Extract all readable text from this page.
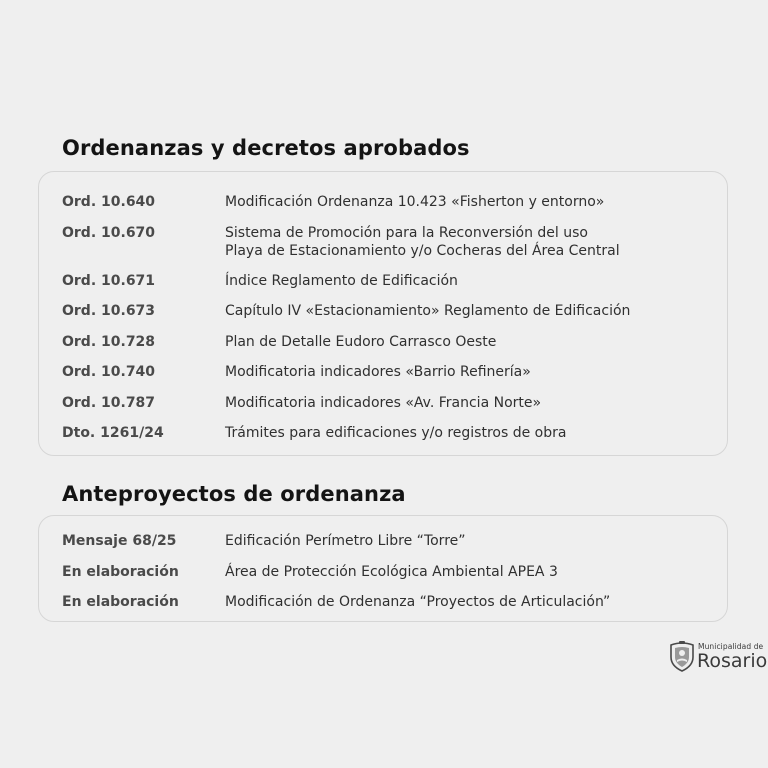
Ordenanzas y decretos aprobados
Ord. 10.640	Modificación Ordenanza 10.423 «Fisherton y entorno»
Ord. 10.670	Sistema de Promoción para la Reconversión del uso
Playa de Estacionamiento y/o Cocheras del Área Central
Ord. 10.671	Índice Reglamento de Edificación
Ord. 10.673	Capítulo IV «Estacionamiento» Reglamento de Edificación
Ord. 10.728	Plan de Detalle Eudoro Carrasco Oeste
Ord. 10.740	Modificatoria indicadores «Barrio Refinería»
Ord. 10.787	Modificatoria indicadores «Av. Francia Norte»
Dto. 1261/24	Trámites para edificaciones y/o registros de obra
Anteproyectos de ordenanza
Mensaje 68/25	Edificación Perímetro Libre “Torre”
En elaboración	Área de Protección Ecológica Ambiental APEA 3
En elaboración	Modificación de Ordenanza “Proyectos de Articulación”
Municipalidad de
Rosario
